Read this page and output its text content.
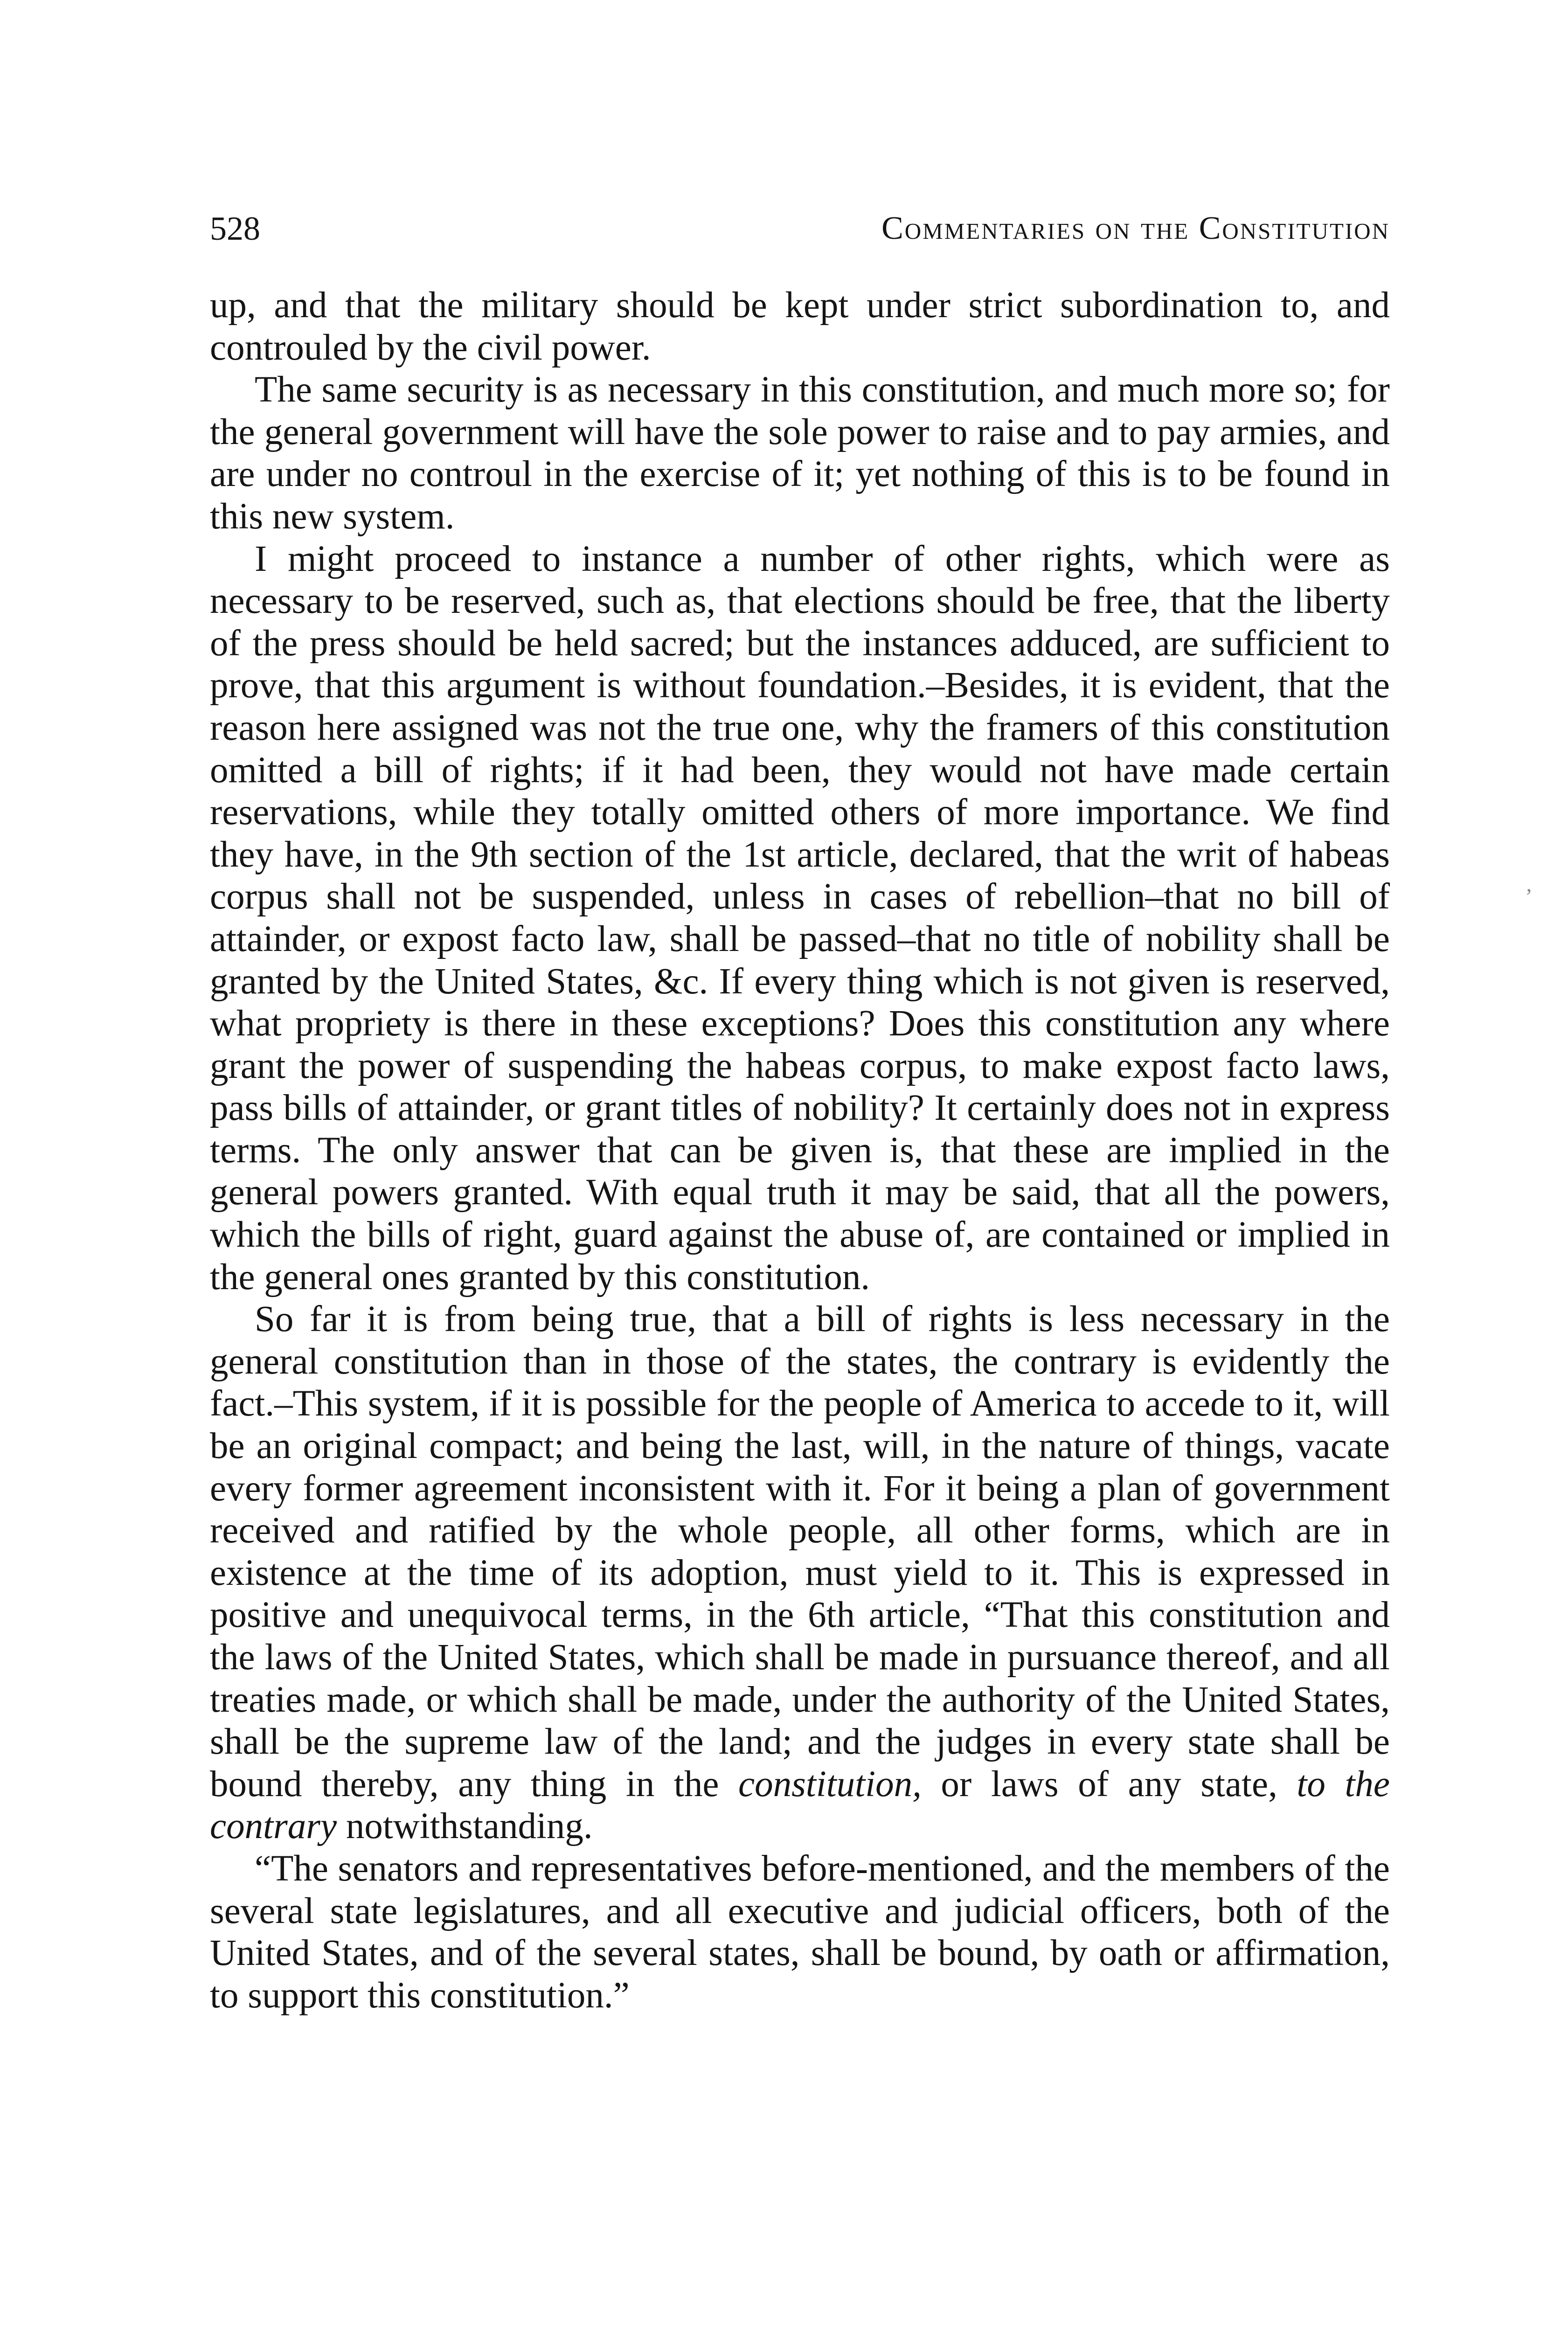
528	Commentaries on the Constitution

up, and that the military should be kept under strict subordination to, and controuled by the civil power.

The same security is as necessary in this constitution, and much more so; for the general government will have the sole power to raise and to pay armies, and are under no controul in the exercise of it; yet nothing of this is to be found in this new system.

I might proceed to instance a number of other rights, which were as necessary to be reserved, such as, that elections should be free, that the liberty of the press should be held sacred; but the instances adduced, are sufficient to prove, that this argument is without foundation.–Besides, it is evident, that the reason here assigned was not the true one, why the framers of this constitution omitted a bill of rights; if it had been, they would not have made certain reservations, while they totally omitted others of more importance. We find they have, in the 9th section of the 1st article, declared, that the writ of habeas corpus shall not be suspended, unless in cases of rebellion–that no bill of attainder, or expost facto law, shall be passed–that no title of nobility shall be granted by the United States, &c. If every thing which is not given is reserved, what propriety is there in these exceptions? Does this constitution any where grant the power of suspending the habeas corpus, to make expost facto laws, pass bills of attainder, or grant titles of nobility? It certainly does not in express terms. The only answer that can be given is, that these are implied in the general powers granted. With equal truth it may be said, that all the powers, which the bills of right, guard against the abuse of, are contained or implied in the general ones granted by this constitution.

So far it is from being true, that a bill of rights is less necessary in the general constitution than in those of the states, the contrary is evidently the fact.–This system, if it is possible for the people of America to accede to it, will be an original compact; and being the last, will, in the nature of things, vacate every former agreement inconsistent with it. For it being a plan of government received and ratified by the whole people, all other forms, which are in existence at the time of its adoption, must yield to it. This is expressed in positive and unequivocal terms, in the 6th article, “That this constitution and the laws of the United States, which shall be made in pursuance thereof, and all treaties made, or which shall be made, under the authority of the United States, shall be the supreme law of the land; and the judges in every state shall be bound thereby, any thing in the constitution, or laws of any state, to the contrary notwithstanding.

“The senators and representatives before-mentioned, and the members of the several state legislatures, and all executive and judicial officers, both of the United States, and of the several states, shall be bound, by oath or affirmation, to support this constitution.”

’
